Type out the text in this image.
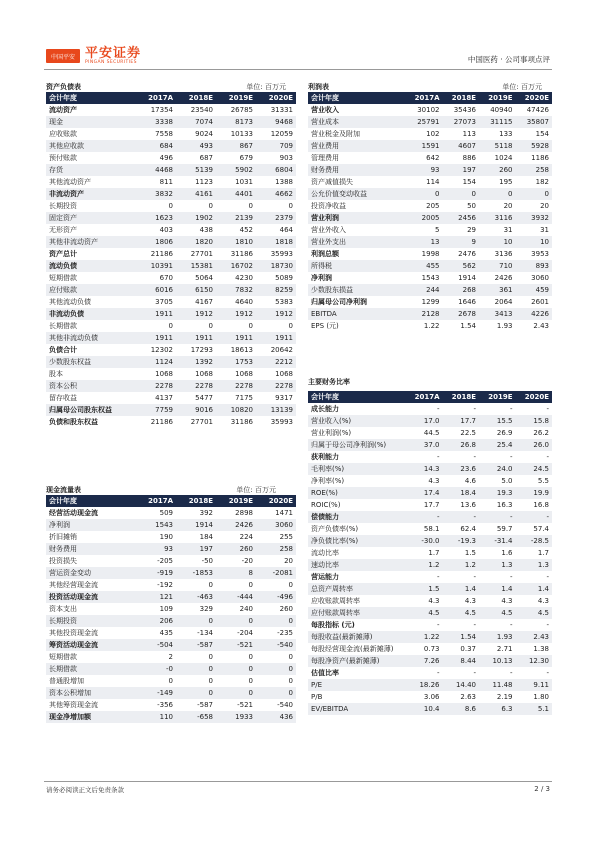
中国平安 平安证券
PINGAN SECURITIES	中国医药 · 公司事项点评
资产负债表	单位: 百万元
会计年度	2017A	2018E	2019E	2020E
流动资产	17354	23540	26785	31331
现金	3338	7074	8173	9468
应收账款	7558	9024	10133	12059
其他应收款	684	493	867	709
预付账款	496	687	679	903
存货	4468	5139	5902	6804
其他流动资产	811	1123	1031	1388
非流动资产	3832	4161	4401	4662
长期投资	0	0	0	0
固定资产	1623	1902	2139	2379
无形资产	403	438	452	464
其他非流动资产	1806	1820	1810	1818
资产总计	21186	27701	31186	35993
流动负债	10391	15381	16702	18730
短期借款	670	5064	4230	5089
应付账款	6016	6150	7832	8259
其他流动负债	3705	4167	4640	5383
非流动负债	1911	1912	1912	1912
长期借款	0	0	0	0
其他非流动负债	1911	1911	1911	1911
负债合计	12302	17293	18613	20642
少数股东权益	1124	1392	1753	2212
股本	1068	1068	1068	1068
资本公积	2278	2278	2278	2278
留存收益	4137	5477	7175	9317
归属母公司股东权益	7759	9016	10820	13139
负债和股东权益	21186	27701	31186	35993
现金流量表	单位: 百万元
会计年度	2017A	2018E	2019E	2020E
经营活动现金流	509	392	2898	1471
净利润	1543	1914	2426	3060
折旧摊销	190	184	224	255
财务费用	93	197	260	258
投资损失	-205	-50	-20	20
营运资金变动	-919	-1853	8	-2081
其他经营现金流	-192	0	0	0
投资活动现金流	121	-463	-444	-496
资本支出	109	329	240	260
长期投资	206	0	0	0
其他投资现金流	435	-134	-204	-235
筹资活动现金流	-504	-587	-521	-540
短期借款	2	0	0	0
长期借款	-0	0	0	0
普通股增加	0	0	0	0
资本公积增加	-149	0	0	0
其他筹资现金流	-356	-587	-521	-540
现金净增加额	110	-658	1933	436
利润表	单位: 百万元
会计年度	2017A	2018E	2019E	2020E
营业收入	30102	35436	40940	47426
营业成本	25791	27073	31115	35807
营业税金及附加	102	113	133	154
营业费用	1591	4607	5118	5928
管理费用	642	886	1024	1186
财务费用	93	197	260	258
资产减值损失	114	154	195	182
公允价值变动收益	0	0	0	0
投资净收益	205	50	20	20
营业利润	2005	2456	3116	3932
营业外收入	5	29	31	31
营业外支出	13	9	10	10
利润总额	1998	2476	3136	3953
所得税	455	562	710	893
净利润	1543	1914	2426	3060
少数股东损益	244	268	361	459
归属母公司净利润	1299	1646	2064	2601
EBITDA	2128	2678	3413	4226
EPS (元)	1.22	1.54	1.93	2.43
主要财务比率
会计年度	2017A	2018E	2019E	2020E
成长能力	-	-	-	-
营业收入(%)	17.0	17.7	15.5	15.8
营业利润(%)	44.5	22.5	26.9	26.2
归属于母公司净利润(%)	37.0	26.8	25.4	26.0
获利能力	-	-	-	-
毛利率(%)	14.3	23.6	24.0	24.5
净利率(%)	4.3	4.6	5.0	5.5
ROE(%)	17.4	18.4	19.3	19.9
ROIC(%)	17.7	13.6	16.3	16.8
偿债能力	-	-	-	-
资产负债率(%)	58.1	62.4	59.7	57.4
净负债比率(%)	-30.0	-19.3	-31.4	-28.5
流动比率	1.7	1.5	1.6	1.7
速动比率	1.2	1.2	1.3	1.3
营运能力	-	-	-	-
总资产周转率	1.5	1.4	1.4	1.4
应收账款周转率	4.3	4.3	4.3	4.3
应付账款周转率	4.5	4.5	4.5	4.5
每股指标 (元)	-	-	-	-
每股收益(最新摊薄)	1.22	1.54	1.93	2.43
每股经营现金流(最新摊薄)	0.73	0.37	2.71	1.38
每股净资产(最新摊薄)	7.26	8.44	10.13	12.30
估值比率	-	-	-	-
P/E	18.26	14.40	11.48	9.11
P/B	3.06	2.63	2.19	1.80
EV/EBITDA	10.4	8.6	6.3	5.1
请务必阅读正文后免责条款	2 / 3
